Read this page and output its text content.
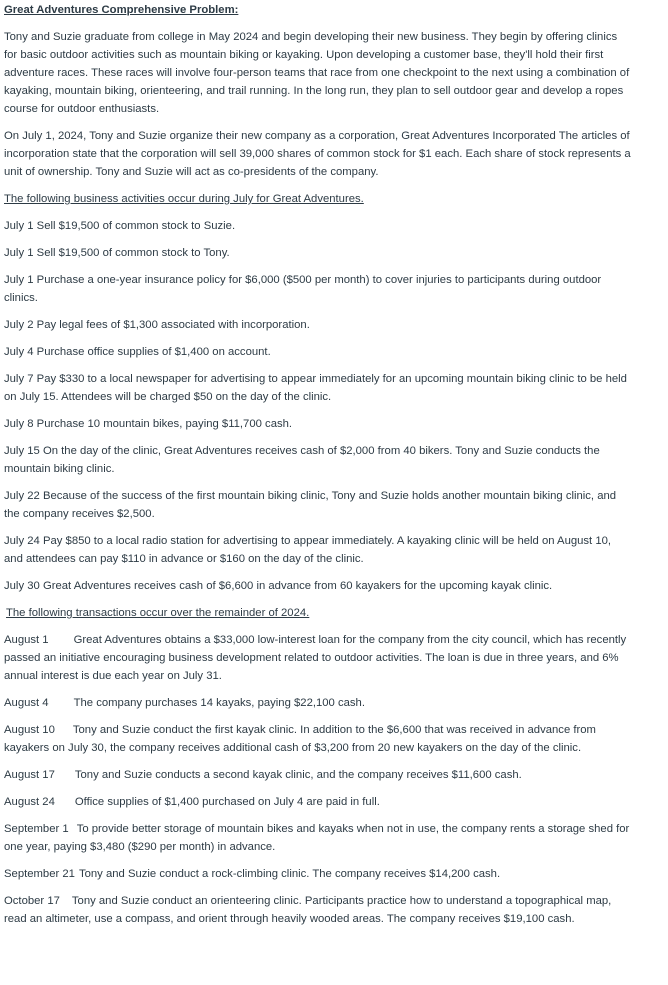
Great Adventures Comprehensive Problem:

Tony and Suzie graduate from college in May 2024 and begin developing their new business. They begin by offering clinics for basic outdoor activities such as mountain biking or kayaking. Upon developing a customer base, they'll hold their first adventure races. These races will involve four-person teams that race from one checkpoint to the next using a combination of kayaking, mountain biking, orienteering, and trail running. In the long run, they plan to sell outdoor gear and develop a ropes course for outdoor enthusiasts.

On July 1, 2024, Tony and Suzie organize their new company as a corporation, Great Adventures Incorporated The articles of incorporation state that the corporation will sell 39,000 shares of common stock for $1 each. Each share of stock represents a unit of ownership. Tony and Suzie will act as co-presidents of the company.

The following business activities occur during July for Great Adventures.

July 1 Sell $19,500 of common stock to Suzie.

July 1 Sell $19,500 of common stock to Tony.

July 1 Purchase a one-year insurance policy for $6,000 ($500 per month) to cover injuries to participants during outdoor clinics.

July 2 Pay legal fees of $1,300 associated with incorporation.

July 4 Purchase office supplies of $1,400 on account.

July 7 Pay $330 to a local newspaper for advertising to appear immediately for an upcoming mountain biking clinic to be held on July 15. Attendees will be charged $50 on the day of the clinic.

July 8 Purchase 10 mountain bikes, paying $11,700 cash.

July 15 On the day of the clinic, Great Adventures receives cash of $2,000 from 40 bikers. Tony and Suzie conducts the mountain biking clinic.

July 22 Because of the success of the first mountain biking clinic, Tony and Suzie holds another mountain biking clinic, and the company receives $2,500.

July 24 Pay $850 to a local radio station for advertising to appear immediately. A kayaking clinic will be held on August 10, and attendees can pay $110 in advance or $160 on the day of the clinic.

July 30 Great Adventures receives cash of $6,600 in advance from 60 kayakers for the upcoming kayak clinic.

The following transactions occur over the remainder of 2024.

August 1 Great Adventures obtains a $33,000 low-interest loan for the company from the city council, which has recently passed an initiative encouraging business development related to outdoor activities. The loan is due in three years, and 6% annual interest is due each year on July 31.

August 4 The company purchases 14 kayaks, paying $22,100 cash.

August 10 Tony and Suzie conduct the first kayak clinic. In addition to the $6,600 that was received in advance from kayakers on July 30, the company receives additional cash of $3,200 from 20 new kayakers on the day of the clinic.

August 17 Tony and Suzie conducts a second kayak clinic, and the company receives $11,600 cash.

August 24 Office supplies of $1,400 purchased on July 4 are paid in full.

September 1 To provide better storage of mountain bikes and kayaks when not in use, the company rents a storage shed for one year, paying $3,480 ($290 per month) in advance.

September 21 Tony and Suzie conduct a rock-climbing clinic. The company receives $14,200 cash.

October 17 Tony and Suzie conduct an orienteering clinic. Participants practice how to understand a topographical map, read an altimeter, use a compass, and orient through heavily wooded areas. The company receives $19,100 cash.
